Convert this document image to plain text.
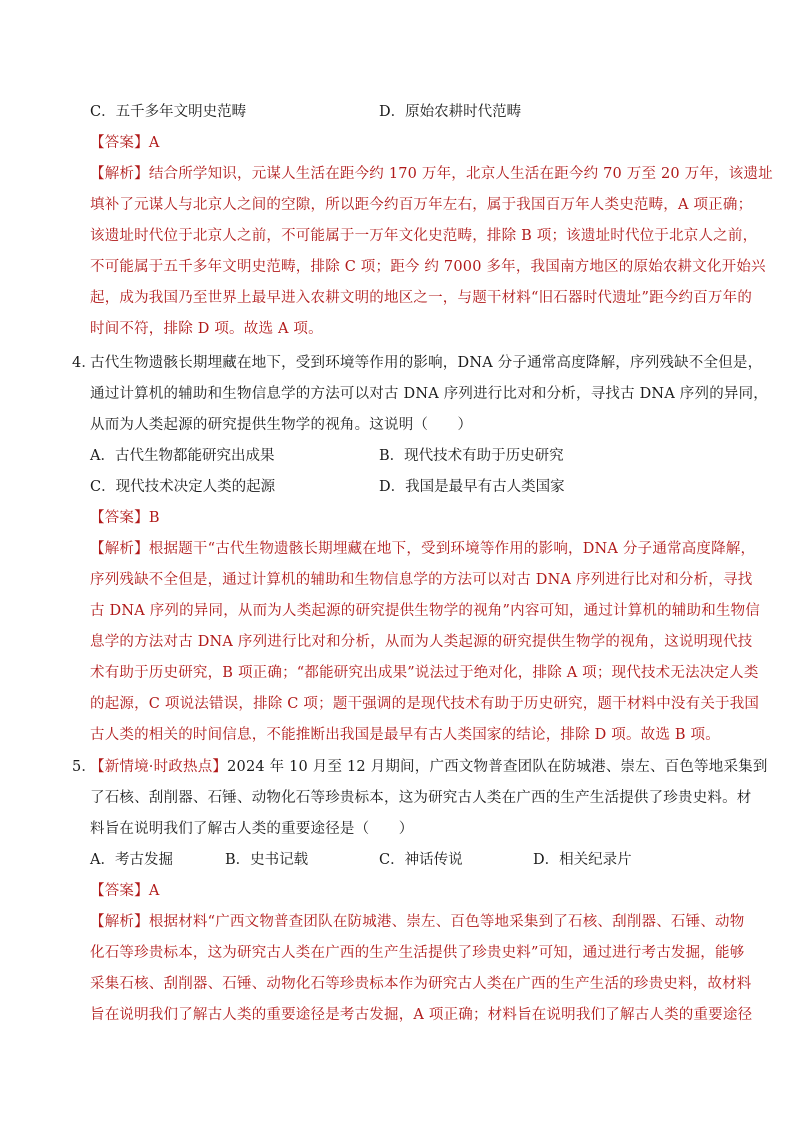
C．五千多年文明史范畴	D．原始农耕时代范畴
【答案】A
【解析】结合所学知识，元谋人生活在距今约 170 万年，北京人生活在距今约 70 万至 20 万年，该遗址
填补了元谋人与北京人之间的空隙，所以距今约百万年左右，属于我国百万年人类史范畴，A 项正确；
该遗址时代位于北京人之前，不可能属于一万年文化史范畴，排除 B 项；该遗址时代位于北京人之前，
不可能属于五千多年文明史范畴，排除 C 项；距今 约 7000 多年，我国南方地区的原始农耕文化开始兴
起，成为我国乃至世界上最早进入农耕文明的地区之一，与题干材料“旧石器时代遗址”距今约百万年的
时间不符，排除 D 项。故选 A 项。
4．
古代生物遗骸长期埋藏在地下，受到环境等作用的影响，DNA 分子通常高度降解，序列残缺不全但是，
通过计算机的辅助和生物信息学的方法可以对古 DNA 序列进行比对和分析，寻找古 DNA 序列的异同，
从而为人类起源的研究提供生物学的视角。这说明（　　）
A．古代生物都能研究出成果	B．现代技术有助于历史研究
C．现代技术决定人类的起源	D．我国是最早有古人类国家
【答案】B
【解析】根据题干“古代生物遗骸长期埋藏在地下，受到环境等作用的影响，DNA 分子通常高度降解，
序列残缺不全但是，通过计算机的辅助和生物信息学的方法可以对古 DNA 序列进行比对和分析，寻找
古 DNA 序列的异同，从而为人类起源的研究提供生物学的视角”内容可知，通过计算机的辅助和生物信
息学的方法对古 DNA 序列进行比对和分析，从而为人类起源的研究提供生物学的视角，这说明现代技
术有助于历史研究，B 项正确；“都能研究出成果”说法过于绝对化，排除 A 项；现代技术无法决定人类
的起源，C 项说法错误，排除 C 项；题干强调的是现代技术有助于历史研究，题干材料中没有关于我国
古人类的相关的时间信息，不能推断出我国是最早有古人类国家的结论，排除 D 项。故选 B 项。
5．
【新情境·时政热点】2024 年 10 月至 12 月期间，广西文物普查团队在防城港、崇左、百色等地采集到
了石核、刮削器、石锤、动物化石等珍贵标本，这为研究古人类在广西的生产生活提供了珍贵史料。材
料旨在说明我们了解古人类的重要途径是（　　）
A．考古发掘	B．史书记载	C．神话传说	D．相关纪录片
【答案】A
【解析】根据材料“广西文物普查团队在防城港、崇左、百色等地采集到了石核、刮削器、石锤、动物
化石等珍贵标本，这为研究古人类在广西的生产生活提供了珍贵史料”可知，通过进行考古发掘，能够
采集石核、刮削器、石锤、动物化石等珍贵标本作为研究古人类在广西的生产生活的珍贵史料，故材料
旨在说明我们了解古人类的重要途径是考古发掘，A 项正确；材料旨在说明我们了解古人类的重要途径
